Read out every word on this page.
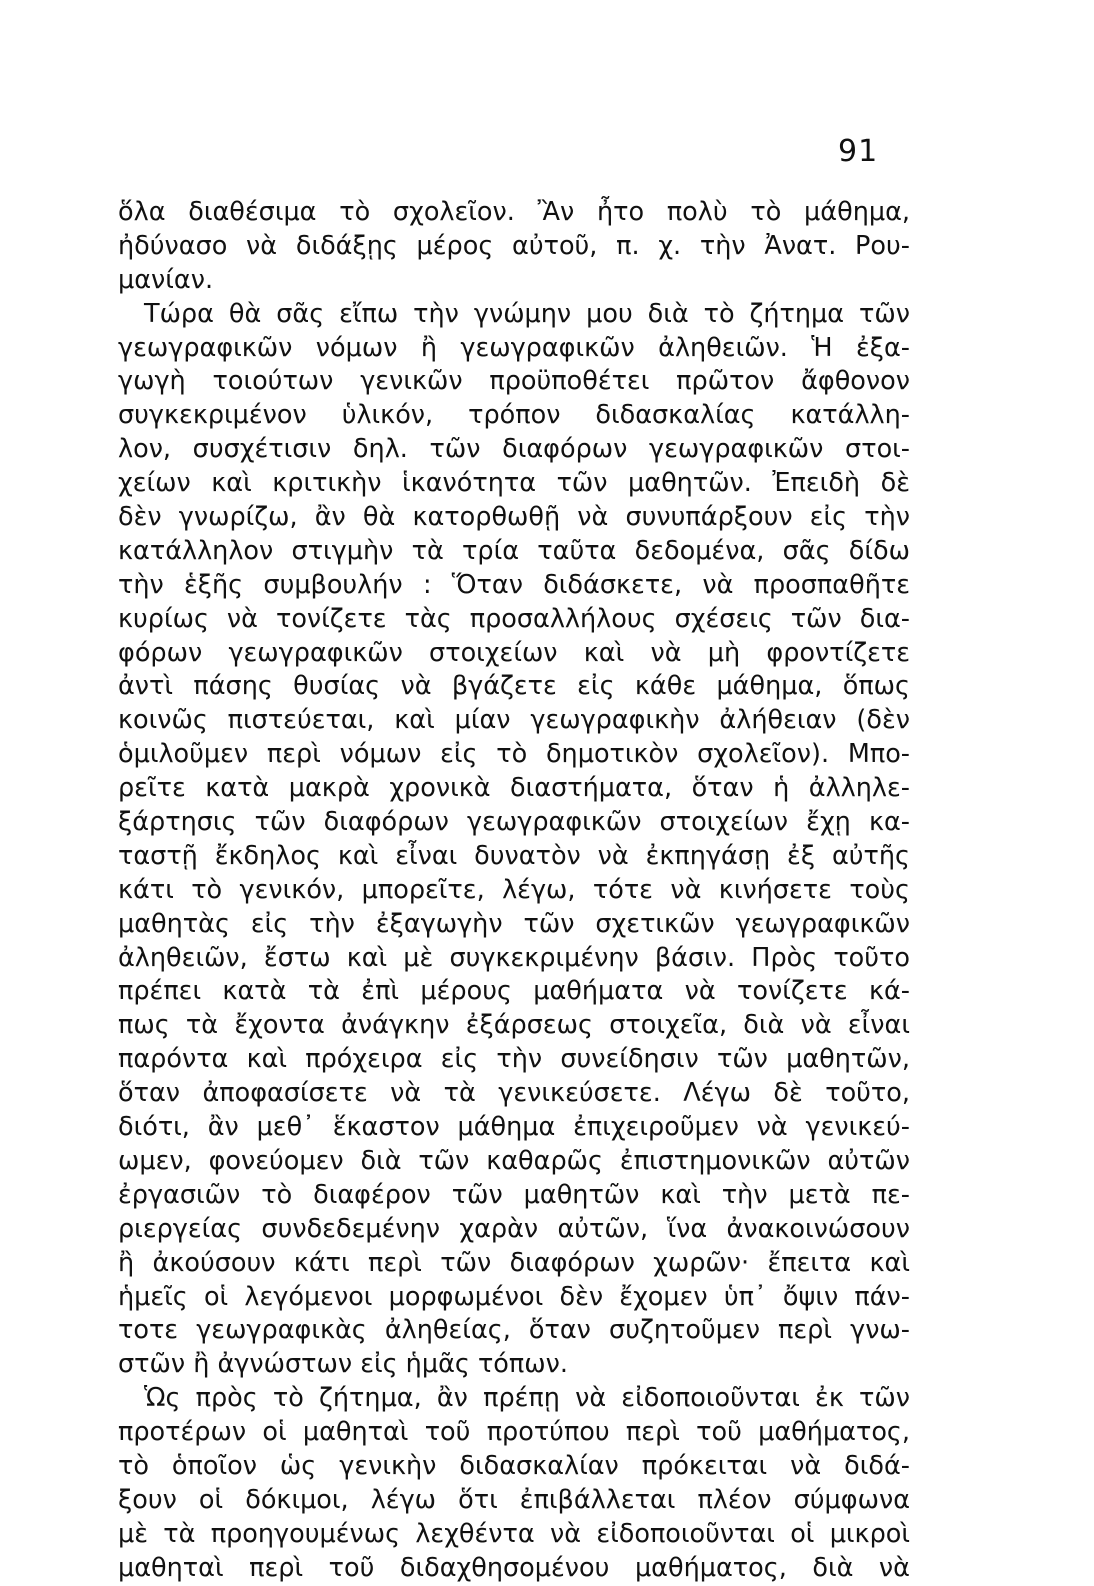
91
ὅλα διαθέσιμα τὸ σχολεῖον. Ἂν ἦτο πολὺ τὸ μάθημα,
ἠδύνασο νὰ διδάξῃς μέρος αὐτοῦ, π. χ. τὴν Ἀνατ. Ρου-
μανίαν.
Τώρα θὰ σᾶς εἴπω τὴν γνώμην μου διὰ τὸ ζήτημα τῶν
γεωγραφικῶν νόμων ἢ γεωγραφικῶν ἀληθειῶν. Ἡ ἐξα-
γωγὴ τοιούτων γενικῶν προϋποθέτει πρῶτον ἄφθονον
συγκεκριμένον ὑλικόν, τρόπον διδασκαλίας κατάλλη-
λον, συσχέτισιν δηλ. τῶν διαφόρων γεωγραφικῶν στοι-
χείων καὶ κριτικὴν ἱκανότητα τῶν μαθητῶν. Ἐπειδὴ δὲ
δὲν γνωρίζω, ἂν θὰ κατορθωθῇ νὰ συνυπάρξουν εἰς τὴν
κατάλληλον στιγμὴν τὰ τρία ταῦτα δεδομένα, σᾶς δίδω
τὴν ἑξῆς συμβουλήν : Ὅταν διδάσκετε, νὰ προσπαθῆτε
κυρίως νὰ τονίζετε τὰς προσαλλήλους σχέσεις τῶν δια-
φόρων γεωγραφικῶν στοιχείων καὶ νὰ μὴ φροντίζετε
ἀντὶ πάσης θυσίας νὰ βγάζετε εἰς κάθε μάθημα, ὅπως
κοινῶς πιστεύεται, καὶ μίαν γεωγραφικὴν ἀλήθειαν (δὲν
ὁμιλοῦμεν περὶ νόμων εἰς τὸ δημοτικὸν σχολεῖον). Μπο-
ρεῖτε κατὰ μακρὰ χρονικὰ διαστήματα, ὅταν ἡ ἀλληλε-
ξάρτησις τῶν διαφόρων γεωγραφικῶν στοιχείων ἔχῃ κα-
ταστῇ ἔκδηλος καὶ εἶναι δυνατὸν νὰ ἐκπηγάσῃ ἐξ αὐτῆς
κάτι τὸ γενικόν, μπορεῖτε, λέγω, τότε νὰ κινήσετε τοὺς
μαθητὰς εἰς τὴν ἐξαγωγὴν τῶν σχετικῶν γεωγραφικῶν
ἀληθειῶν, ἔστω καὶ μὲ συγκεκριμένην βάσιν. Πρὸς τοῦτο
πρέπει κατὰ τὰ ἐπὶ μέρους μαθήματα νὰ τονίζετε κά-
πως τὰ ἔχοντα ἀνάγκην ἐξάρσεως στοιχεῖα, διὰ νὰ εἶναι
παρόντα καὶ πρόχειρα εἰς τὴν συνείδησιν τῶν μαθητῶν,
ὅταν ἀποφασίσετε νὰ τὰ γενικεύσετε. Λέγω δὲ τοῦτο,
διότι, ἂν μεθ᾽ ἕκαστον μάθημα ἐπιχειροῦμεν νὰ γενικεύ-
ωμεν, φονεύομεν διὰ τῶν καθαρῶς ἐπιστημονικῶν αὐτῶν
ἐργασιῶν τὸ διαφέρον τῶν μαθητῶν καὶ τὴν μετὰ πε-
ριεργείας συνδεδεμένην χαρὰν αὐτῶν, ἵνα ἀνακοινώσουν
ἢ ἀκούσουν κάτι περὶ τῶν διαφόρων χωρῶν· ἔπειτα καὶ
ἡμεῖς οἱ λεγόμενοι μορφωμένοι δὲν ἔχομεν ὑπ᾽ ὄψιν πάν-
τοτε γεωγραφικὰς ἀληθείας, ὅταν συζητοῦμεν περὶ γνω-
στῶν ἢ ἀγνώστων εἰς ἡμᾶς τόπων.
Ὡς πρὸς τὸ ζήτημα, ἂν πρέπῃ νὰ εἰδοποιοῦνται ἐκ τῶν
προτέρων οἱ μαθηταὶ τοῦ προτύπου περὶ τοῦ μαθήματος,
τὸ ὁποῖον ὡς γενικὴν διδασκαλίαν πρόκειται νὰ διδά-
ξουν οἱ δόκιμοι, λέγω ὅτι ἐπιβάλλεται πλέον σύμφωνα
μὲ τὰ προηγουμένως λεχθέντα νὰ εἰδοποιοῦνται οἱ μικροὶ
μαθηταὶ περὶ τοῦ διδαχθησομένου μαθήματος, διὰ νὰ
